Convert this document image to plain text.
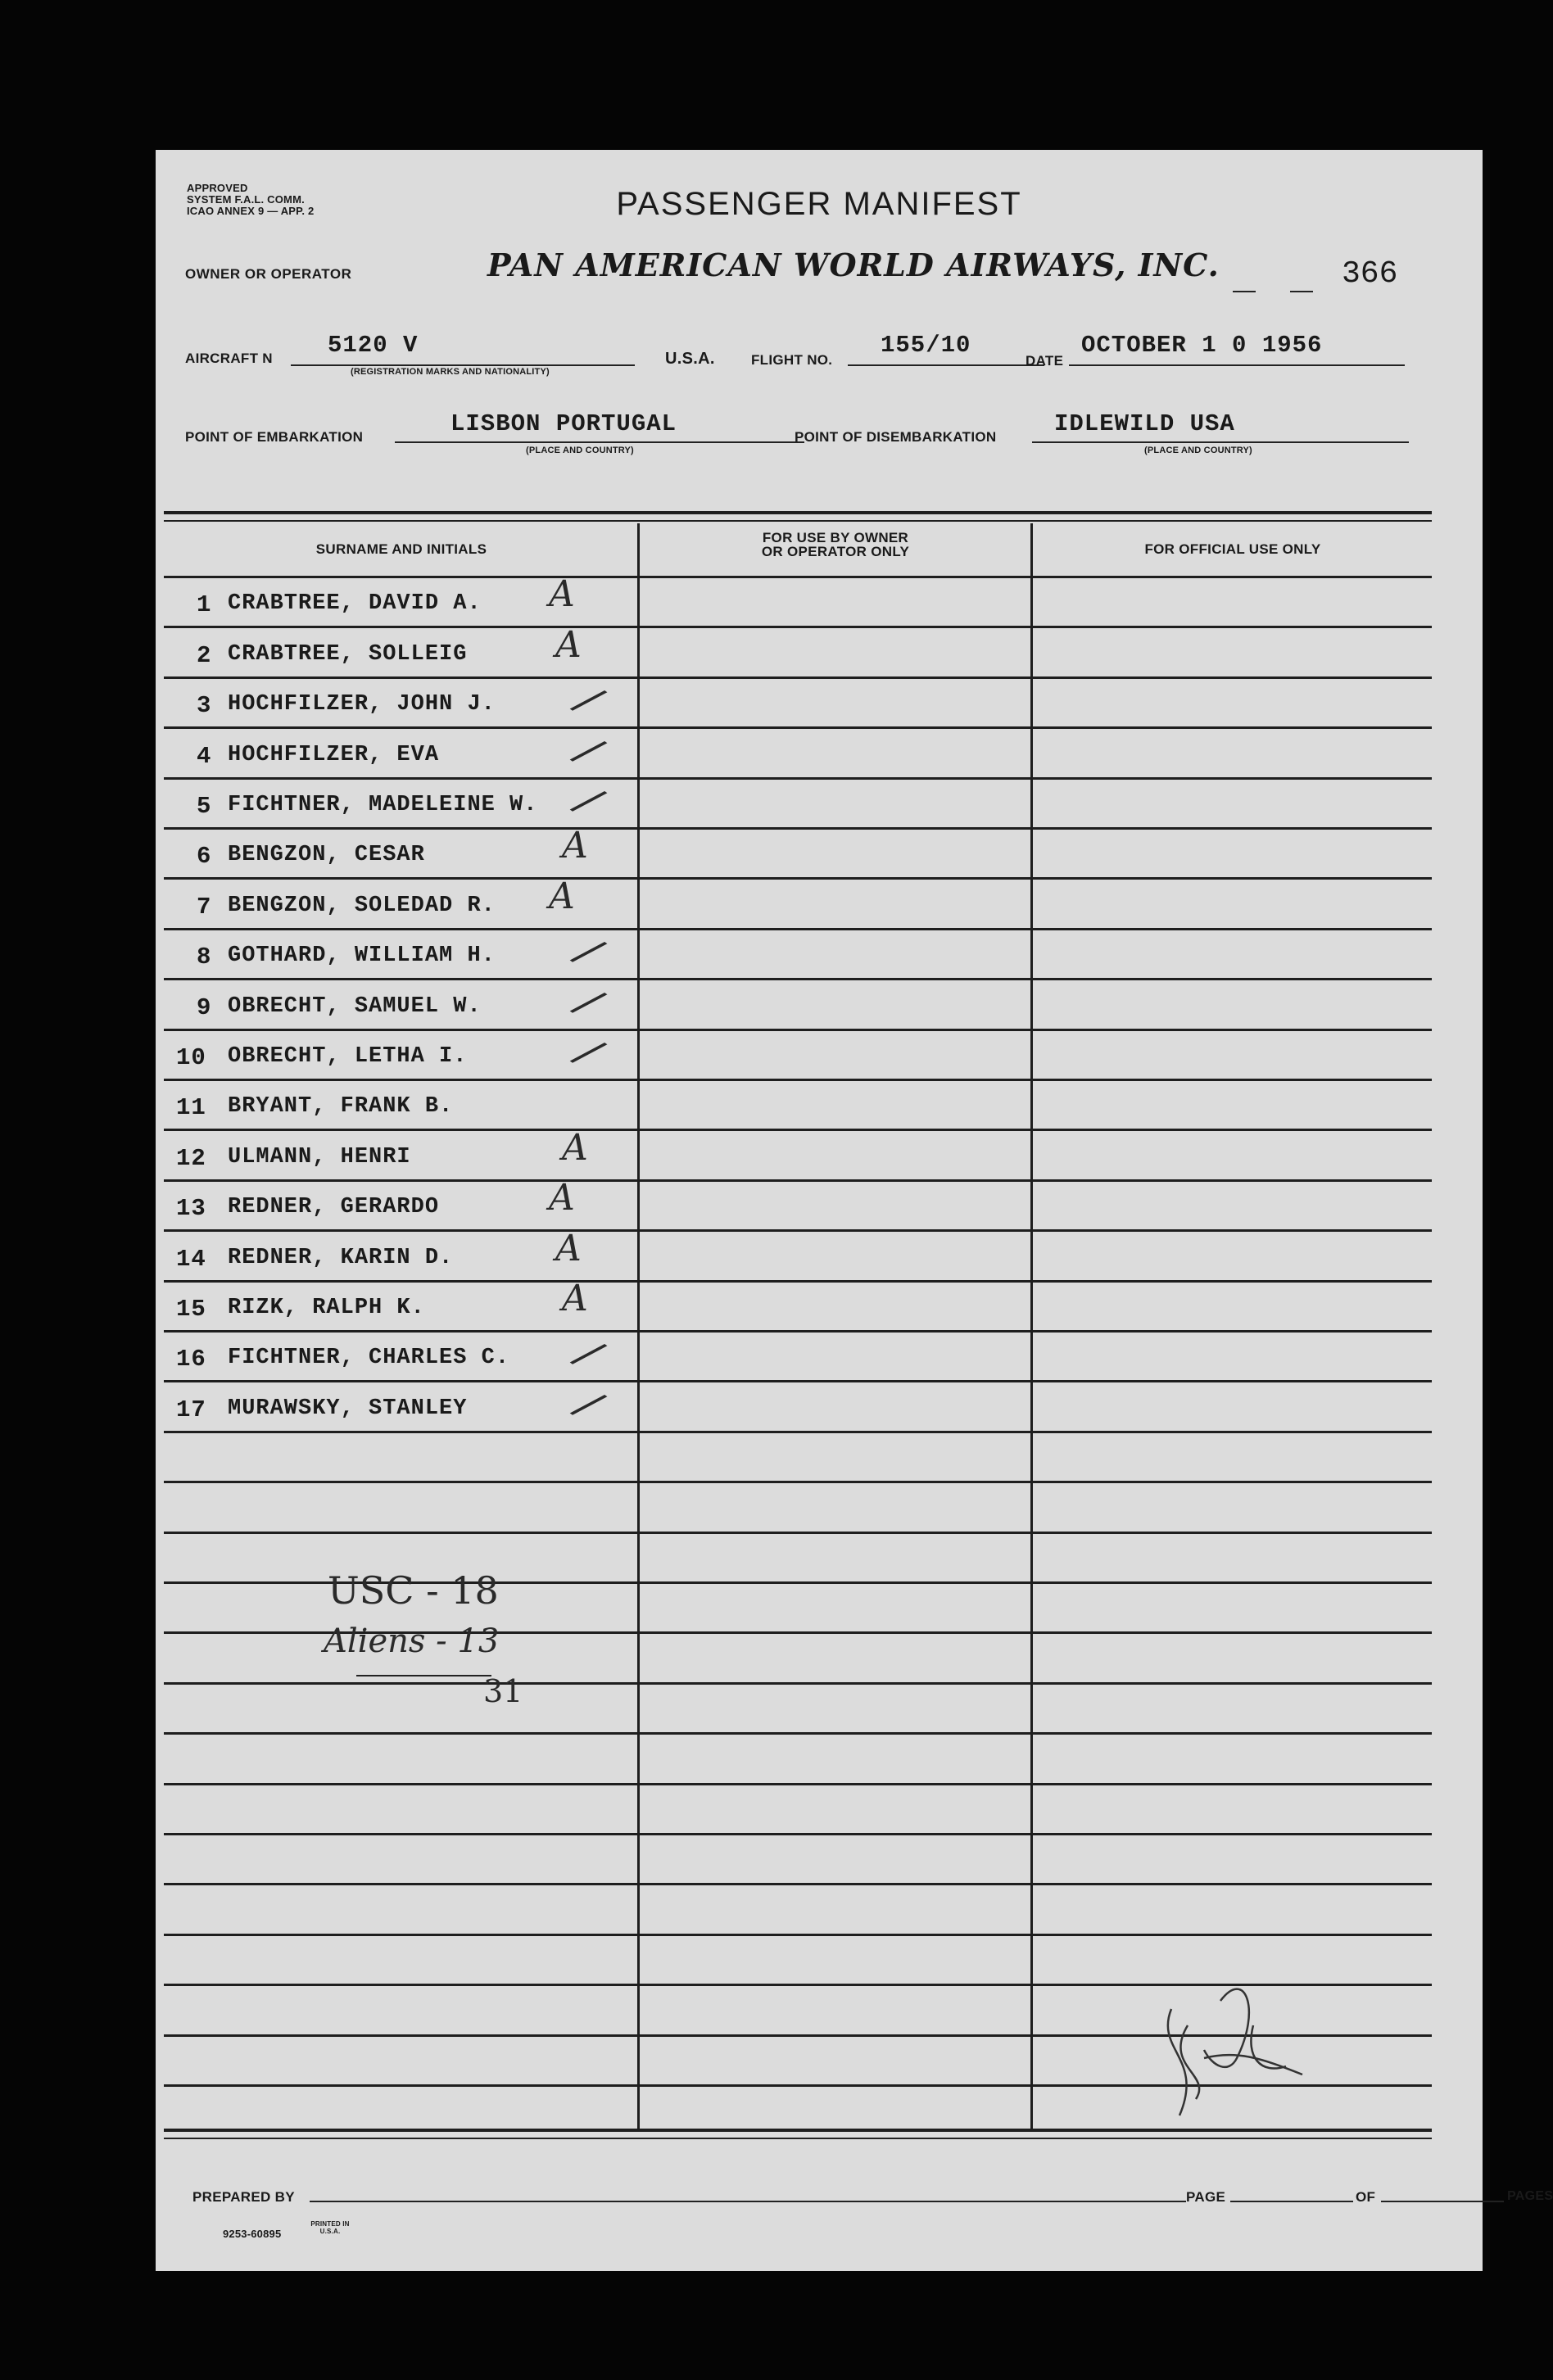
APPROVED
SYSTEM F.A.L. COMM.
ICAO ANNEX 9 — APP. 2	PASSENGER MANIFEST
OWNER OR OPERATOR	PAN AMERICAN WORLD AIRWAYS, INC.	366
AIRCRAFT N 5120 V
(REGISTRATION MARKS AND NATIONALITY)
U.S.A.	FLIGHT NO.
155/10
DATE
OCTOBER 1 0 1956
POINT OF EMBARKATION	LISBON PORTUGAL
(PLACE AND COUNTRY)
POINT OF DISEMBARKATION IDLEWILD USA
(PLACE AND COUNTRY)
SURNAME AND INITIALS
FOR USE BY OWNER
OR OPERATOR ONLY	FOR OFFICIAL USE ONLY
1 CRABTREE, DAVID A. A
2 CRABTREE, SOLLEIG A
3 HOCHFILZER, JOHN J. /
4 HOCHFILZER, EVA	/
5 FICHTNER, MADELEINE W. /
6 BENGZON, CESAR	A
7 BENGZON, SOLEDAD R. A
8 GOTHARD, WILLIAM H. /
9 OBRECHT, SAMUEL W. /
10 OBRECHT, LETHA I. /
11 BRYANT, FRANK B.
12 ULMANN, HENRI	A
13 REDNER, GERARDO	A
14 REDNER, KARIN D.	A
15 RIZK, RALPH K.	A
16 FICHTNER, CHARLES C. /
17 MURAWSKY, STANLEY /
USC - 18
Aliens - 13
31
PREPARED BY	PAGE	OF	PAGES
9253-60895
PRINTED IN U.S.A.
